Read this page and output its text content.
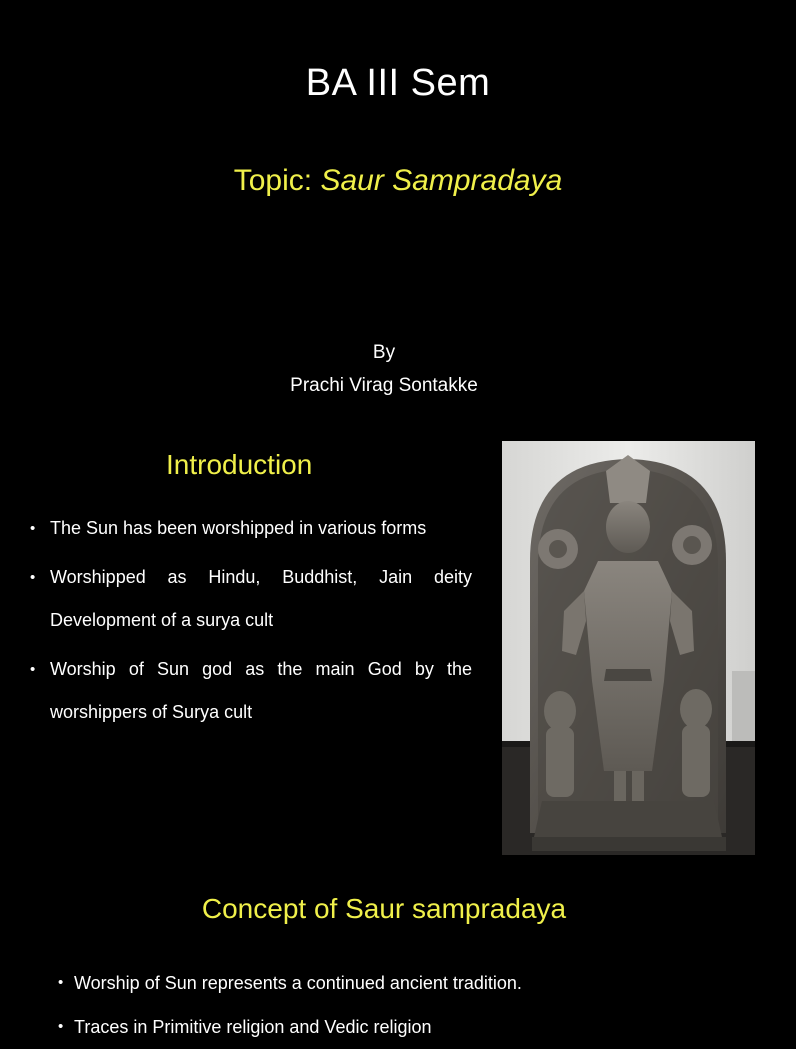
BA III Sem
Topic: Saur Sampradaya
By
Prachi Virag Sontakke
Introduction
• The Sun has been worshipped in various forms
• Worshipped as Hindu, Buddhist, Jain deity Development of a surya cult
• Worship of Sun god as the main God by the worshippers of Surya cult
Concept of Saur sampradaya
• Worship of Sun represents a continued ancient tradition.
• Traces in Primitive religion and Vedic religion
